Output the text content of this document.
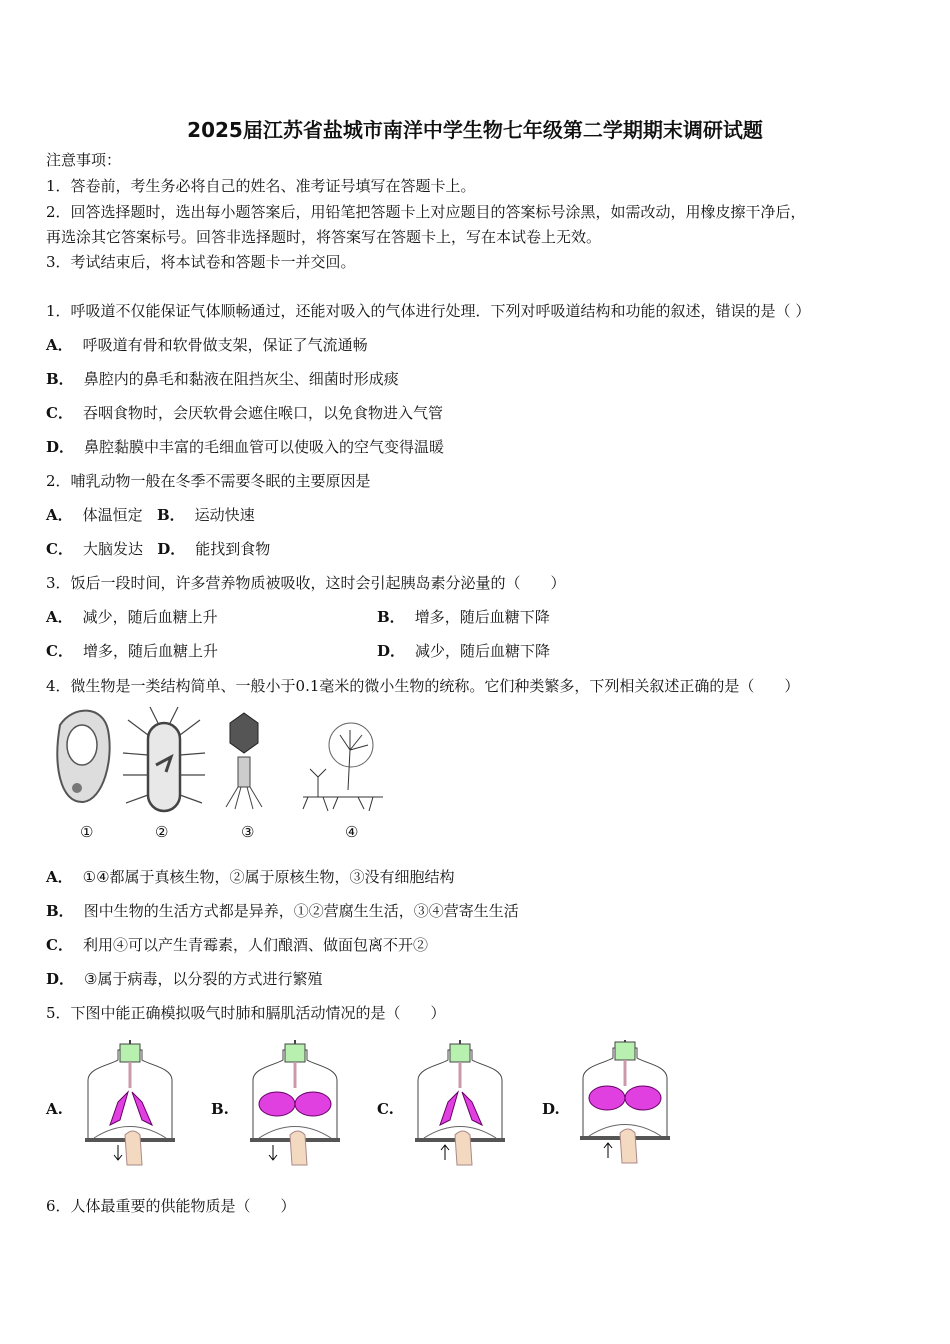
2025届江苏省盐城市南洋中学生物七年级第二学期期末调研试题
注意事项：
1．答卷前，考生务必将自己的姓名、准考证号填写在答题卡上。
2．回答选择题时，选出每小题答案后，用铅笔把答题卡上对应题目的答案标号涂黑，如需改动，用橡皮擦干净后，
再选涂其它答案标号。回答非选择题时，将答案写在答题卡上，写在本试卷上无效。
3．考试结束后，将本试卷和答题卡一并交回。
1．呼吸道不仅能保证气体顺畅通过，还能对吸入的气体进行处理．下列对呼吸道结构和功能的叙述，错误的是（ ）
A． 呼吸道有骨和软骨做支架，保证了气流通畅
B． 鼻腔内的鼻毛和黏液在阻挡灰尘、细菌时形成痰
C． 吞咽食物时，会厌软骨会遮住喉口，以免食物进入气管
D． 鼻腔黏膜中丰富的毛细血管可以使吸入的空气变得温暖
2．哺乳动物一般在冬季不需要冬眠的主要原因是
A． 体温恒定 B． 运动快速
C． 大脑发达 D． 能找到食物
3．饭后一段时间，许多营养物质被吸收，这时会引起胰岛素分泌量的（　　）
A． 减少，随后血糖上升	B． 增多，随后血糖下降
C． 增多，随后血糖上升	D． 减少，随后血糖下降
4．微生物是一类结构简单、一般小于0.1毫米的微小生物的统称。它们种类繁多，下列相关叙述正确的是（　　）
①	②	③	④
A． ①④都属于真核生物，②属于原核生物，③没有细胞结构
B． 图中生物的生活方式都是异养，①②营腐生生活，③④营寄生生活
C． 利用④可以产生青霉素，人们酿酒、做面包离不开②
D． ③属于病毒，以分裂的方式进行繁殖
5．下图中能正确模拟吸气时肺和膈肌活动情况的是（　　）
A.	B.	C.	D.
6．人体最重要的供能物质是（　　）
